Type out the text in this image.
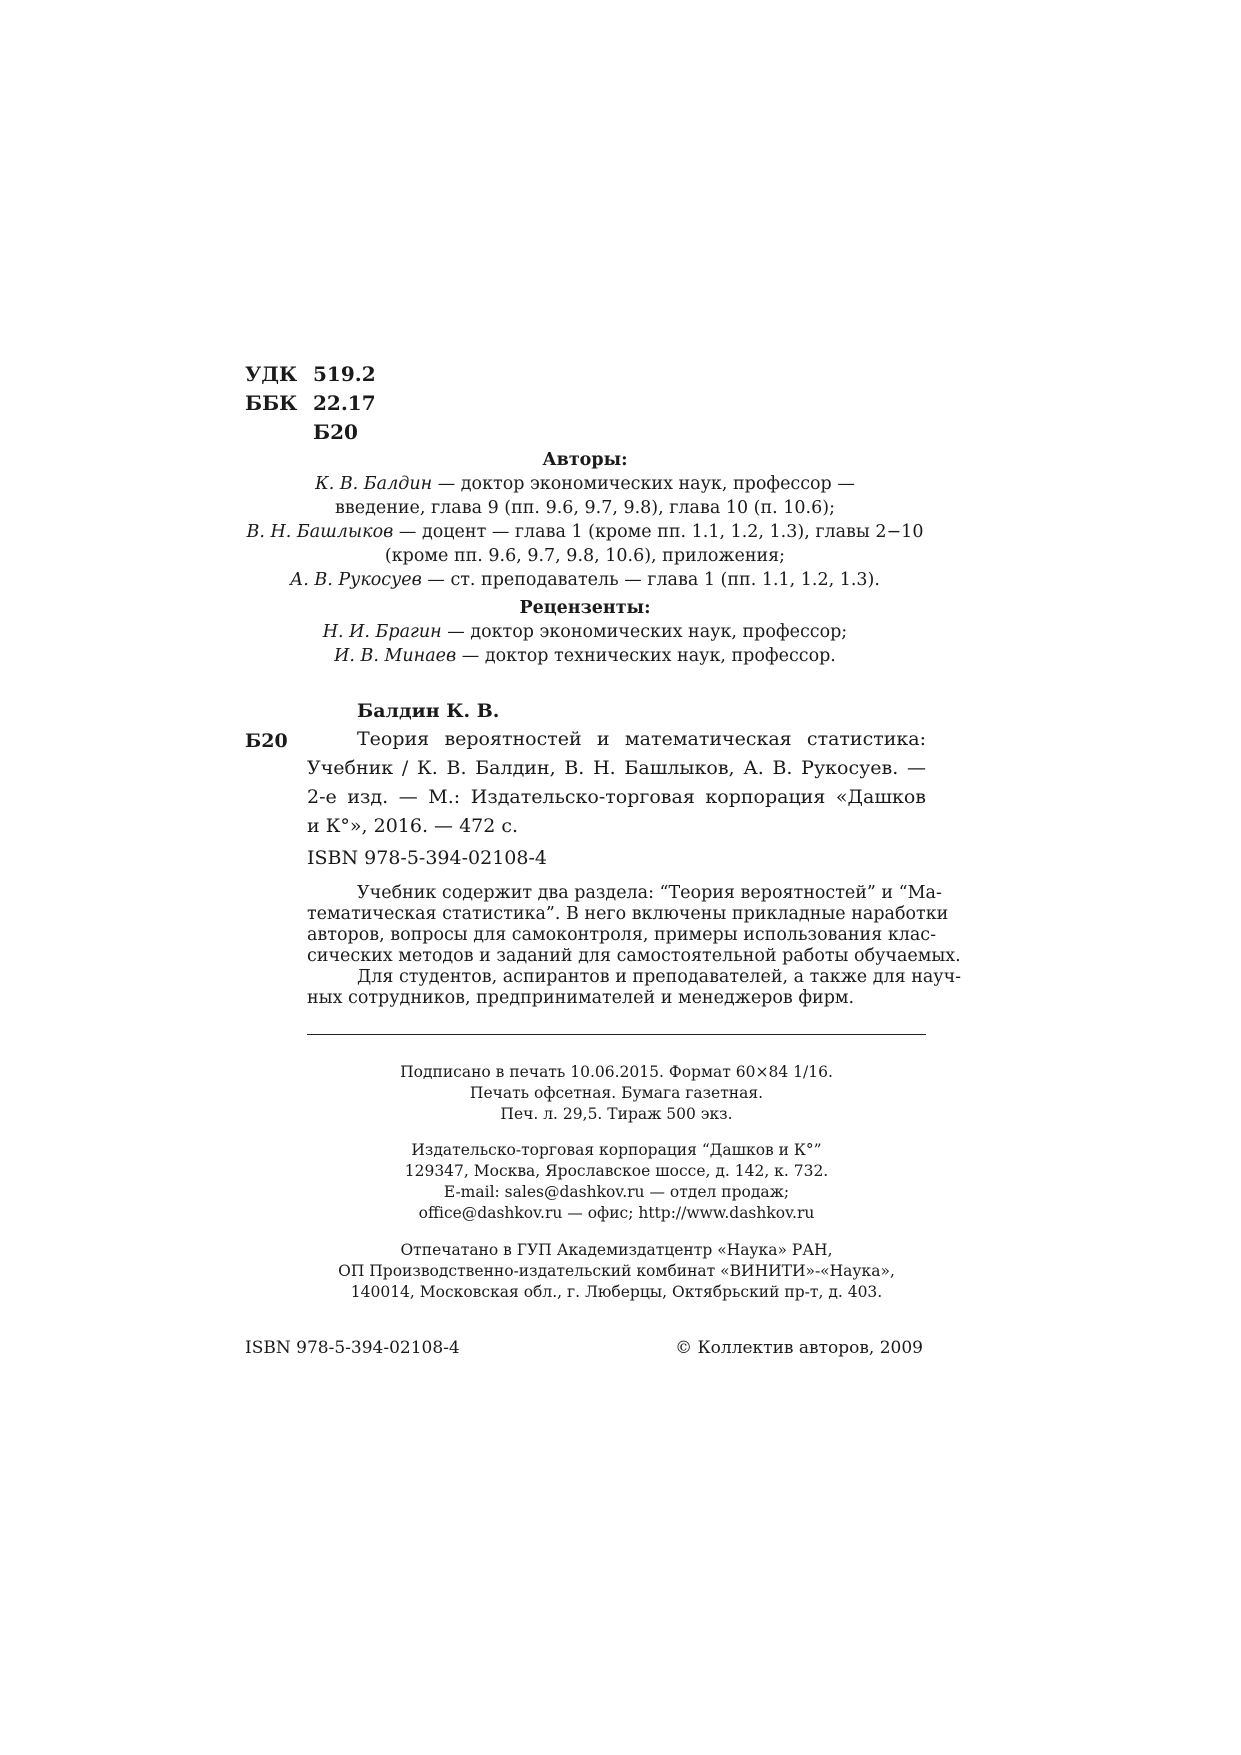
УДК 519.2
ББК 22.17
Б20
Авторы:
К. В. Балдин — доктор экономических наук, профессор —
введение, глава 9 (пп. 9.6, 9.7, 9.8), глава 10 (п. 10.6);
В. Н. Башлыков — доцент — глава 1 (кроме пп. 1.1, 1.2, 1.3), главы 2−10
(кроме пп. 9.6, 9.7, 9.8, 10.6), приложения;
А. В. Рукосуев — ст. преподаватель — глава 1 (пп. 1.1, 1.2, 1.3).
Рецензенты:
Н. И. Брагин — доктор экономических наук, профессор;
И. В. Минаев — доктор технических наук, профессор.
Балдин К. В.
Б20	Теория вероятностей и математическая статистика:
Учебник / К. В. Балдин, В. Н. Башлыков, А. В. Рукосуев. —
2-е изд. — М.: Издательско-торговая корпорация «Дашков
и К°», 2016. — 472 с.
ISBN 978-5-394-02108-4
Учебник содержит два раздела: “Теория вероятностей” и “Ма-
тематическая статистика”. В него включены прикладные наработки
авторов, вопросы для самоконтроля, примеры использования клас-
сических методов и заданий для самостоятельной работы обучаемых.
Для студентов, аспирантов и преподавателей, а также для науч-
ных сотрудников, предпринимателей и менеджеров фирм.
Подписано в печать 10.06.2015. Формат 60×84 1/16.
Печать офсетная. Бумага газетная.
Печ. л. 29,5. Тираж 500 экз.
Издательско-торговая корпорация “Дашков и К°”
129347, Москва, Ярославское шоссе, д. 142, к. 732.
E-mail: sales@dashkov.ru — отдел продаж;
office@dashkov.ru — офис; http://www.dashkov.ru
Отпечатано в ГУП Академиздатцентр «Наука» РАН,
ОП Производственно-издательский комбинат «ВИНИТИ»-«Наука»,
140014, Московская обл., г. Люберцы, Октябрьский пр-т, д. 403.
ISBN 978-5-394-02108-4	© Коллектив авторов, 2009
